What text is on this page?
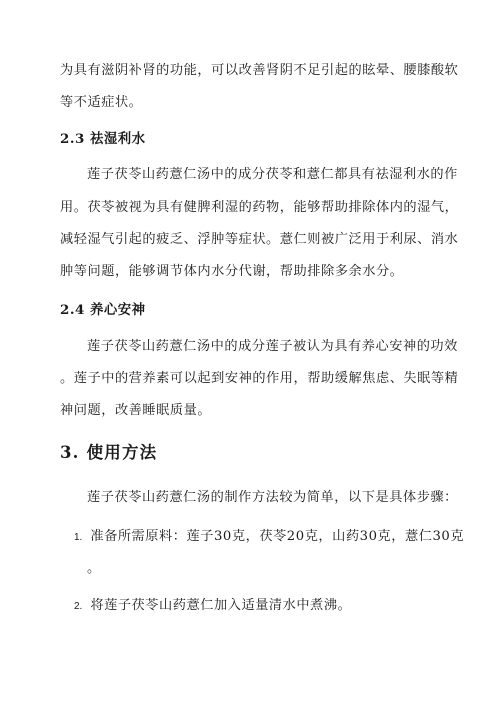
为具有滋阴补肾的功能，可以改善肾阴不足引起的眩晕、腰膝酸软
等不适症状。
2.3 祛湿利水
莲子茯苓山药薏仁汤中的成分茯苓和薏仁都具有祛湿利水的作
用。茯苓被视为具有健脾利湿的药物，能够帮助排除体内的湿气，
减轻湿气引起的疲乏、浮肿等症状。薏仁则被广泛用于利尿、消水
肿等问题，能够调节体内水分代谢，帮助排除多余水分。
2.4 养心安神
莲子茯苓山药薏仁汤中的成分莲子被认为具有养心安神的功效
。莲子中的营养素可以起到安神的作用，帮助缓解焦虑、失眠等精
神问题，改善睡眠质量。
3. 使用方法
莲子茯苓山药薏仁汤的制作方法较为简单，以下是具体步骤：
1. 准备所需原料：莲子30克，茯苓20克，山药30克，薏仁30克
。
2. 将莲子茯苓山药薏仁加入适量清水中煮沸。
